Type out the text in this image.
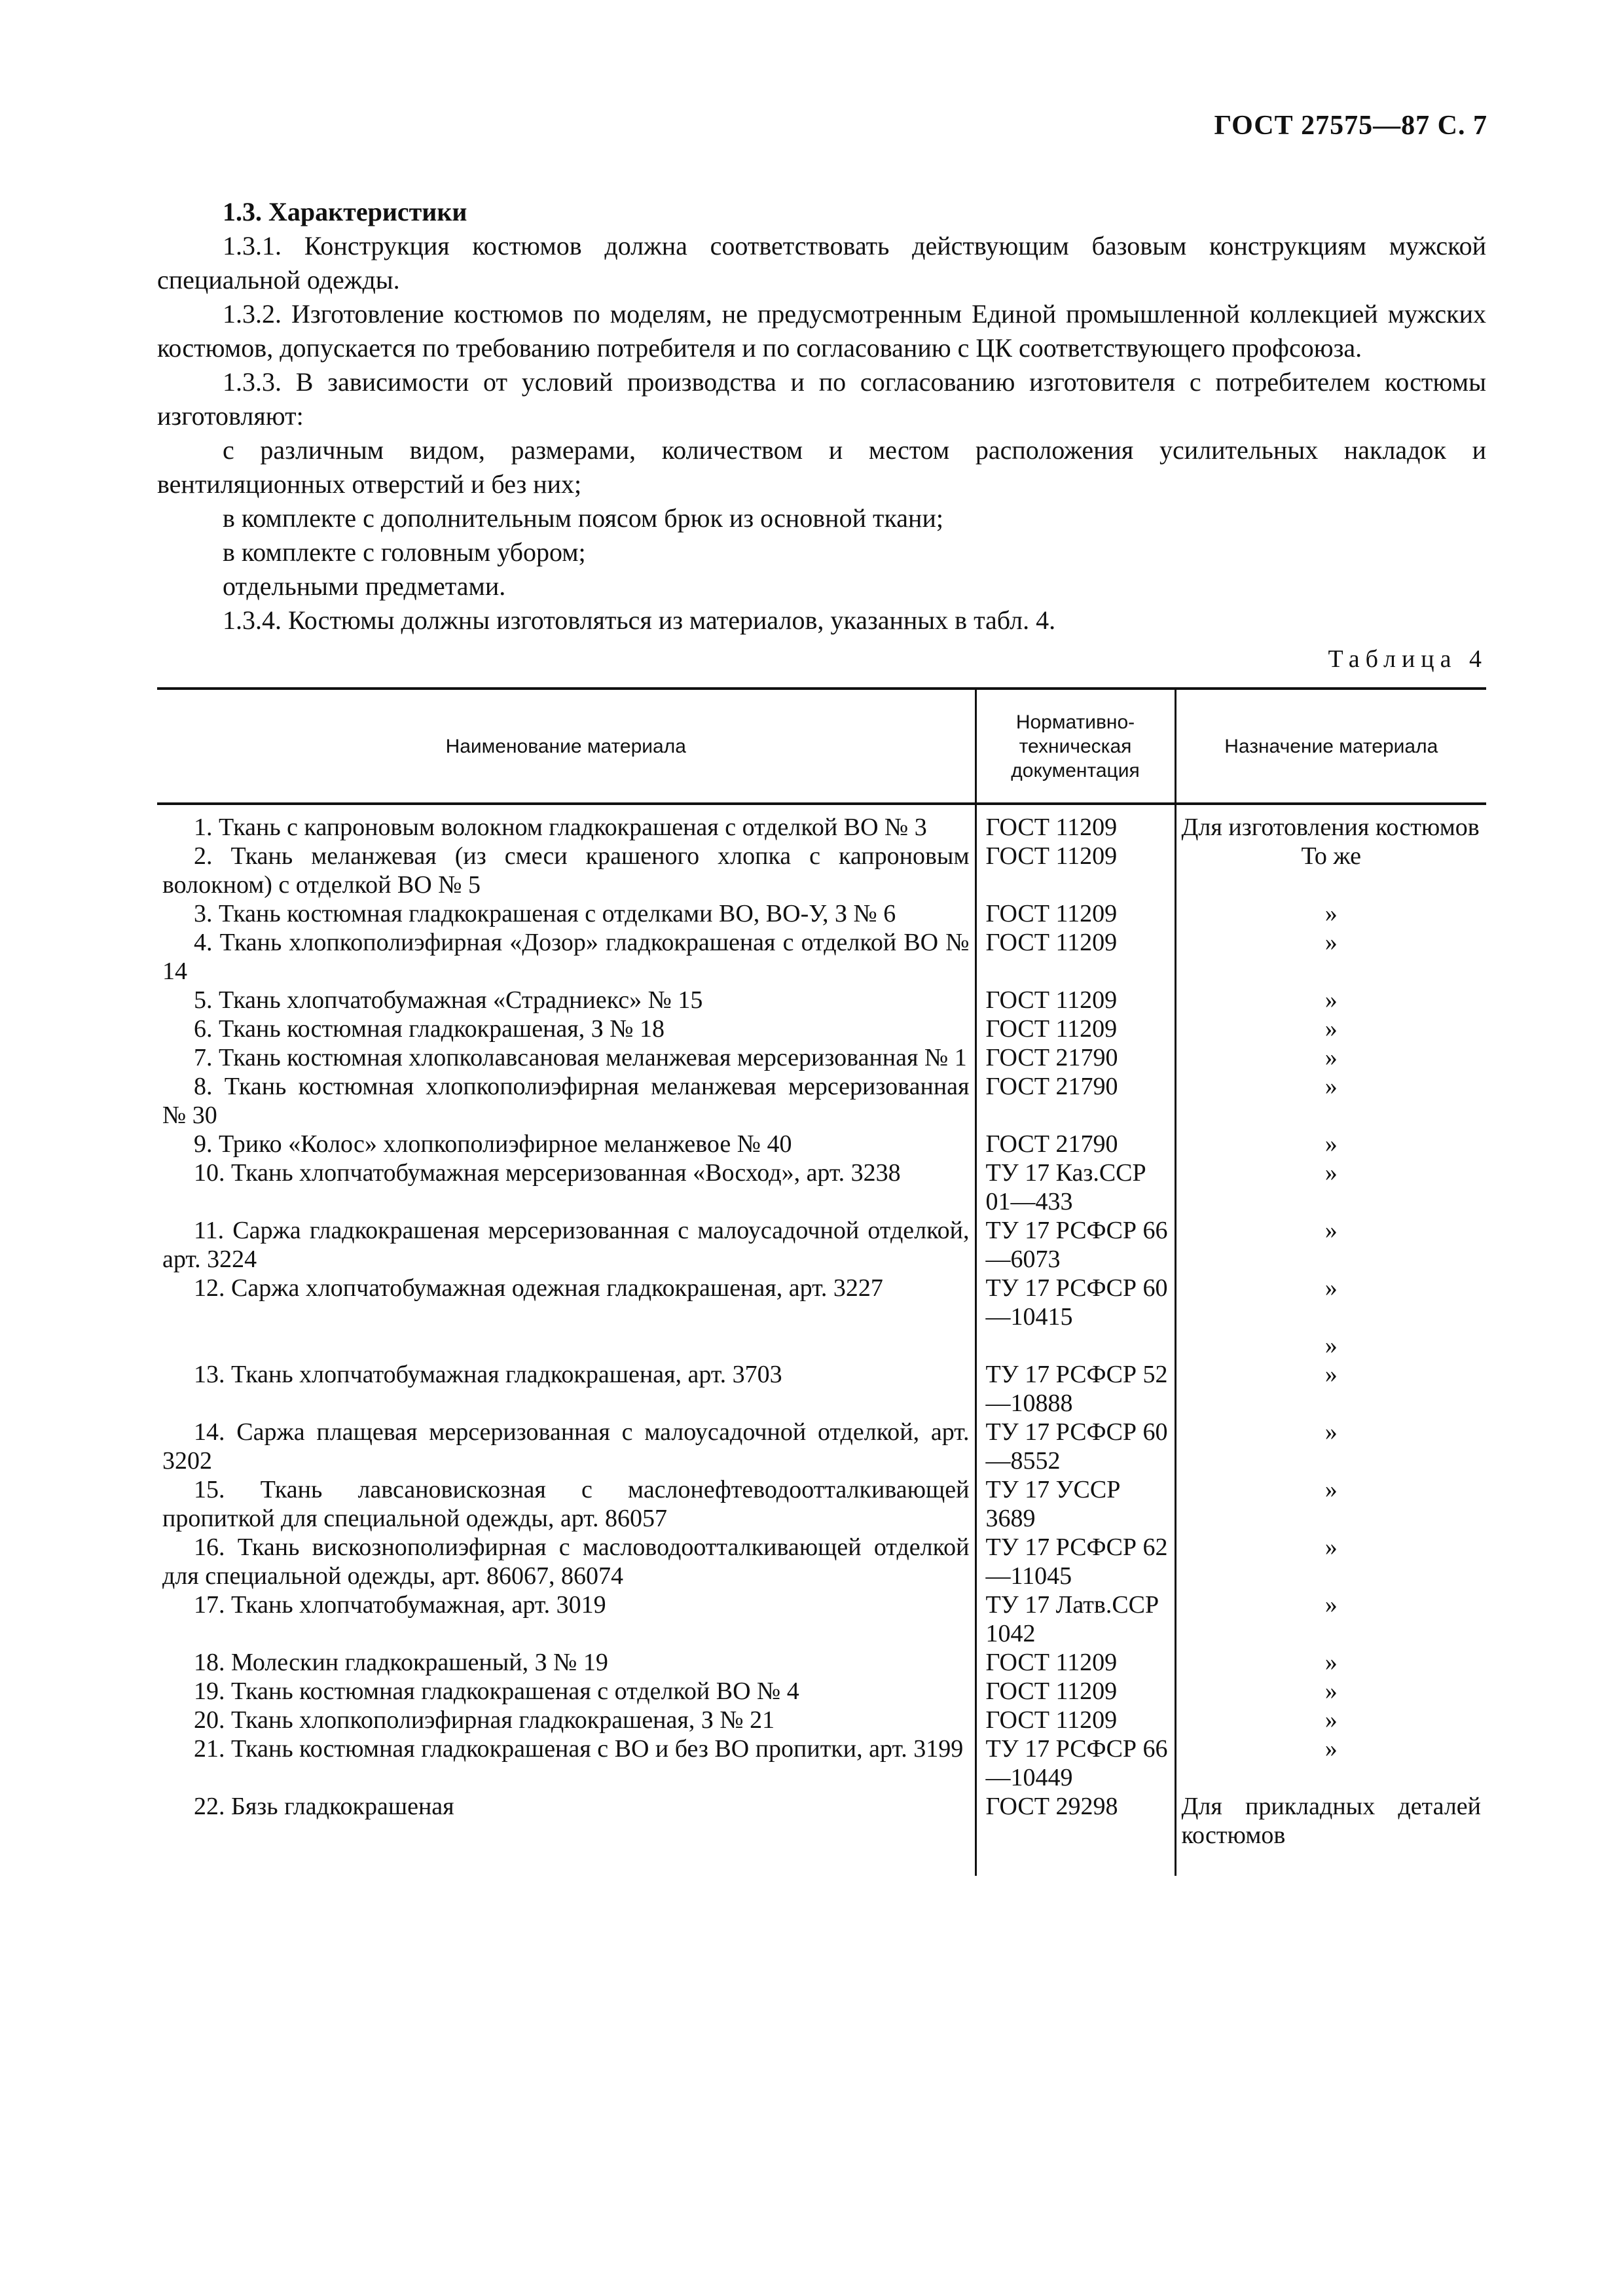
ГОСТ 27575—87 С. 7

1.3. Характеристики

1.3.1. Конструкция костюмов должна соответствовать действующим базовым конструкциям мужской специальной одежды.

1.3.2. Изготовление костюмов по моделям, не предусмотренным Единой промышленной коллекцией мужских костюмов, допускается по требованию потребителя и по согласованию с ЦК соответствующего профсоюза.

1.3.3. В зависимости от условий производства и по согласованию изготовителя с потребителем костюмы изготовляют:

с различным видом, размерами, количеством и местом расположения усилительных накладок и вентиляционных отверстий и без них;

в комплекте с дополнительным поясом брюк из основной ткани;

в комплекте с головным убором;

отдельными предметами.

1.3.4. Костюмы должны изготовляться из материалов, указанных в табл. 4.

Таблица 4
Наименование материала	Нормативно-техническая документация	Назначение материала
1. Ткань с капроновым волокном гладкокрашеная с отделкой ВО № 3	ГОСТ 11209	Для изготовления костюмов
2. Ткань меланжевая (из смеси крашеного хлопка с капроновым волокном) с отделкой ВО № 5	ГОСТ 11209	То же
3. Ткань костюмная гладкокрашеная с отделками ВО, ВО-У, З № 6	ГОСТ 11209	»
4. Ткань хлопкополиэфирная «Дозор» гладкокрашеная с отделкой ВО № 14	ГОСТ 11209	»
5. Ткань хлопчатобумажная «Страдниекс» № 15	ГОСТ 11209	»
6. Ткань костюмная гладкокрашеная, З № 18	ГОСТ 11209	»
7. Ткань костюмная хлопколавсановая меланжевая мерсеризованная № 1	ГОСТ 21790	»
8. Ткань костюмная хлопкополиэфирная меланжевая мерсеризованная № 30	ГОСТ 21790	»
9. Трико «Колос» хлопкополиэфирное меланжевое № 40	ГОСТ 21790	»
10. Ткань хлопчатобумажная мерсеризованная «Восход», арт. 3238	ТУ 17 Каз.ССР 01—433	»
11. Саржа гладкокрашеная мерсеризованная с малоусадочной отделкой, арт. 3224	ТУ 17 РСФСР 66—6073	»
12. Саржа хлопчатобумажная одежная гладкокрашеная, арт. 3227	ТУ 17 РСФСР 60—10415	»
		»
13. Ткань хлопчатобумажная гладкокрашеная, арт. 3703	ТУ 17 РСФСР 52—10888	»
14. Саржа плащевая мерсеризованная с малоусадочной отделкой, арт. 3202	ТУ 17 РСФСР 60—8552	»
15. Ткань лавсановискозная с маслонефтеводоотталкивающей пропиткой для специальной одежды, арт. 86057	ТУ 17 УССР 3689	»
16. Ткань вискознополиэфирная с масловодоотталкивающей отделкой для специальной одежды, арт. 86067, 86074	ТУ 17 РСФСР 62—11045	»
17. Ткань хлопчатобумажная, арт. 3019	ТУ 17 Латв.ССР 1042	»
18. Молескин гладкокрашеный, З № 19	ГОСТ 11209	»
19. Ткань костюмная гладкокрашеная с отделкой ВО № 4	ГОСТ 11209	»
20. Ткань хлопкополиэфирная гладкокрашеная, З № 21	ГОСТ 11209	»
21. Ткань костюмная гладкокрашеная с ВО и без ВО пропитки, арт. 3199	ТУ 17 РСФСР 66—10449	»
22. Бязь гладкокрашеная	ГОСТ 29298	Для прикладных деталей костюмов
